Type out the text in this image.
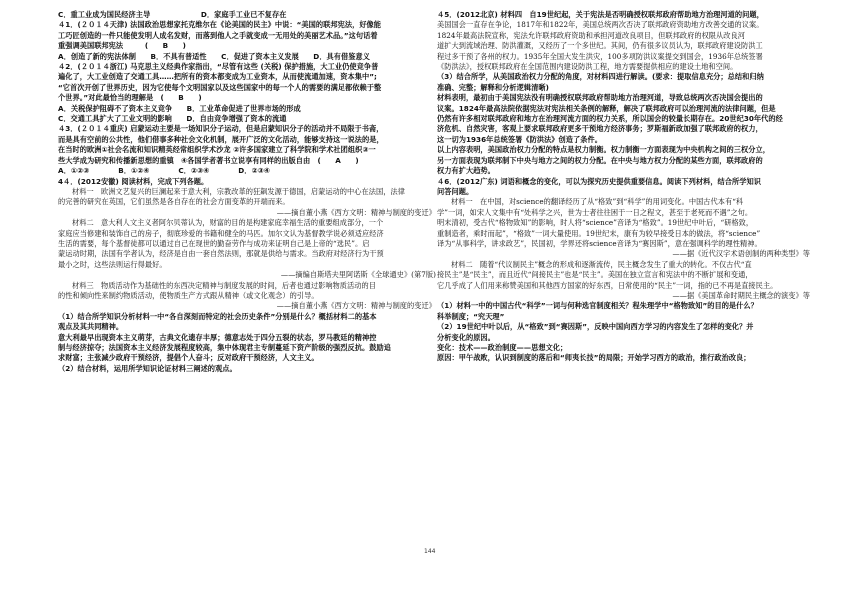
C．重工业成为国民经济主导　　　　　　　D．家庭手工业已不复存在
４1．(２０１４天津) 法国政治思想家托克维尔在《论美国的民主》中说：“美国的联邦宪法，好像能
工巧匠创造的一件只能使发明人成名发财，而落到他人之手就变成一无用处的美丽艺术品。”这句话着
重强调美国联邦宪法　　　(　　B　　)
A．创造了新的宪法体制　　B．不具有普适性　　C．促进了资本主义发展　　D．具有借鉴意义
４2．(２０１４浙江) 马克思主义经典作家指出，“尽管有这些 (关税) 保护措施，大工业仍使竞争普
遍化了，大工业创造了交通工具……把所有的资本都变成为工业资本，从而使流通加速，资本集中”;
“它首次开创了世界历史，因为它使每个文明国家以及这些国家中的每一个人的需要的满足都依赖于整
个世界。”对此最恰当的理解是　(　　B　　)
A．关税保护阻碍不了资本主义竞争　　B．工业革命促进了世界市场的形成
C．交通工具扩大了工业文明的影响　　D．自由竞争增强了资本的流通
４3．(２０１４重庆) 启蒙运动主要是一场知识分子运动，但是启蒙知识分子的活动并不局限于书斋，
而是具有空前的公共性，他们借事多种社会文化机制，展开广泛的文化活动，能够支持这一说法的是，
在当时的欧洲①社会名流和知识精英经常组织学术沙龙 ②许多国家建立了科学院和学术社团组织③一
些大学成为研究和传播新思想的重镇　④各国学者著书立说享有同样的出版自由　(　　A　　)
A．①②③　　　　B．①②④　　　　C．②③④　　　　D．②③④
4４．(2012安徽) 阅读材料，完成下列各题。
材料一　欧洲文艺复兴的巨澜起来于意大利，宗教改革的狂飙发源于德国，启蒙运动的中心在法国，法律
的完善的研究在英国，它们虽然是各自存在的社会方面变革的开端而来。
——摘自董小燕《西方文明：精神与制度的变迁》
材料二　意大利人文主义者阿尔贝蒂认为，财富的目的是构建家庭幸福生活的重要组成部分，一个
家庭应当修建和装饰自己的房子，彻底珍爱的书籍和健全的马匹。加尔文认为基督教学说必须适应经济
生活的需要，每个基督徒都可以通过自己在现世的勤奋劳作与成功来证明自己是上帝的“选民”。启
蒙运动时期，法国有学者认为，经济是自由一套自然法则，那就是供给与需求。当政府对经济行为干预
最小之时，这些法则运行得最好。
——摘编自斯塔夫里阿诺斯《全球通史》(第7版)
材料三　物质活动作为基础性的东西决定精神与制度发展的时间，后者也通过影响物质活动的目
的性和倾向性来制约物质活动，使物质生产方式跟从精神（或文化观念）的引导。
——摘自董小燕《西方文明：精神与制度的变迁》
（1）结合所学知识分析材料一中“各自深刻而特定的社会历史条件”分别是什么？概括材料二的基本
观点及其共同精神。
意大利最早出现资本主义萌芽，古典文化遗存丰厚；德意志处于四分五裂的状态，罗马教廷的精神控
制与经济掠夺；法国资本主义经济发展程度较高，集中体现君主专制蔓延下资产阶级的强烈反抗。鼓励追
求财富；主张减少政府干预经济，提倡个人奋斗；反对政府干预经济，人文主义。
（2）结合材料，运用所学知识论证材料三阐述的观点。
４5．(2012北京) 材料四　自19世纪起，关于宪法是否明确授权联邦政府帮助地方治理河道的问题，
美国国会一直存在争论，1817年和1822年，美国总统两次否决了联邦政府资助地方改善交通的议案。
1824年最高法院宣称，宪法允许联邦政府资助和承担河道改良项目，但联邦政府的权限从改良河
道扩大到流域治理、防洪灌溉，又经历了一个多世纪。其间，仍有很多议员认为，联邦政府建设防洪工
程过多干预了各州的权力。1935年全国大发生洪灾，100多项防洪议案提交到国会，1936年总统签署
《防洪法》，授权联邦政府在全国范围内建设防洪工程，地方需要提供相应的建设土地和空间。
（3）结合所学，从美国政治权力分配的角度，对材料四进行解读。(要求：提取信息充分；总结和归纳
准确、完整；解释和分析逻辑清晰)
材料表明，最初由于美国宪法没有明确授权联邦政府帮助地方治理河道，导致总统两次否决国会提出的
议案。1824年最高法院依据宪法对宪法相关条例的解释，解决了联邦政府可以治理河流的法律问题，但是
仍然有许多相对联邦政府和地方在治理河流方面的权力关系，所以国会的较量长期存在。20世纪30年代的经
济危机、自然灾害，客观上要求联邦政府更多干预地方经济事务；罗斯福新政加强了联邦政府的权力，
这一切为1936年总统签署《防洪法》创造了条件。
以上内容表明，美国政治权力分配的特点是权力制衡。权力制衡一方面表现为中央机构之间的三权分立，
另一方面表现为联邦制下中央与地方之间的权力分配。在中央与地方权力分配的某些方面，联邦政府的
权力有扩大趋势。
４6．(2012广东) 词语和概念的变化，可以为探究历史提供重要信息。阅读下列材料，结合所学知识
问答问题。
材料一　在中国，对science的翻译经历了从“格致”到“科学”的用词变化。中国古代本有“科
学”一词，如宋人文集中有“处科学之兴，世为士者往往困于一日之程文，甚至于老死而不遇”之句。
明末清初，受古代“格物致知”的影响，时人将“science”音译为“格致”。19世纪中叶后，“研格致，
重制造者，乘时而起”，“格致”一词大量使用。19世纪末，康有为较早接受日本的做法，将“science”
译为“从事科学，讲求政艺”，民国初，学界还将science音译为“赛因斯”，意在强调科学的理性精神。
——据《近代汉字术语创制的两种类型》等
材料二　随着“代议制民主”概念的形成和逐渐流传，民主概念发生了重大的转化。不仅古代“直
接民主”是“民主”，而且近代“间接民主”也是“民主”。美国在独立宣言和宪法中的不断扩展和变通，
它几乎成了人们用来称赞美国和其他西方国家的好东西，日常使用的“民主”一词，指的已不再是直接民主。
——据《美国革命时期民主概念的演变》等
（1）材料一中的中国古代“科学”一词与何种选官制度相关？程朱理学中“格物致知”的目的是什么？
科举制度；“究天理”
（2）19世纪中叶以后，从“格致”到“赛因斯”，反映中国向西方学习的内容发生了怎样的变化？并
分析变化的原因。
变化：技术——政治制度——思想文化；
原因：甲午战败，认识到制度的落后和“师夷长技”的局限；开始学习西方的政治，推行政治改良；
144
